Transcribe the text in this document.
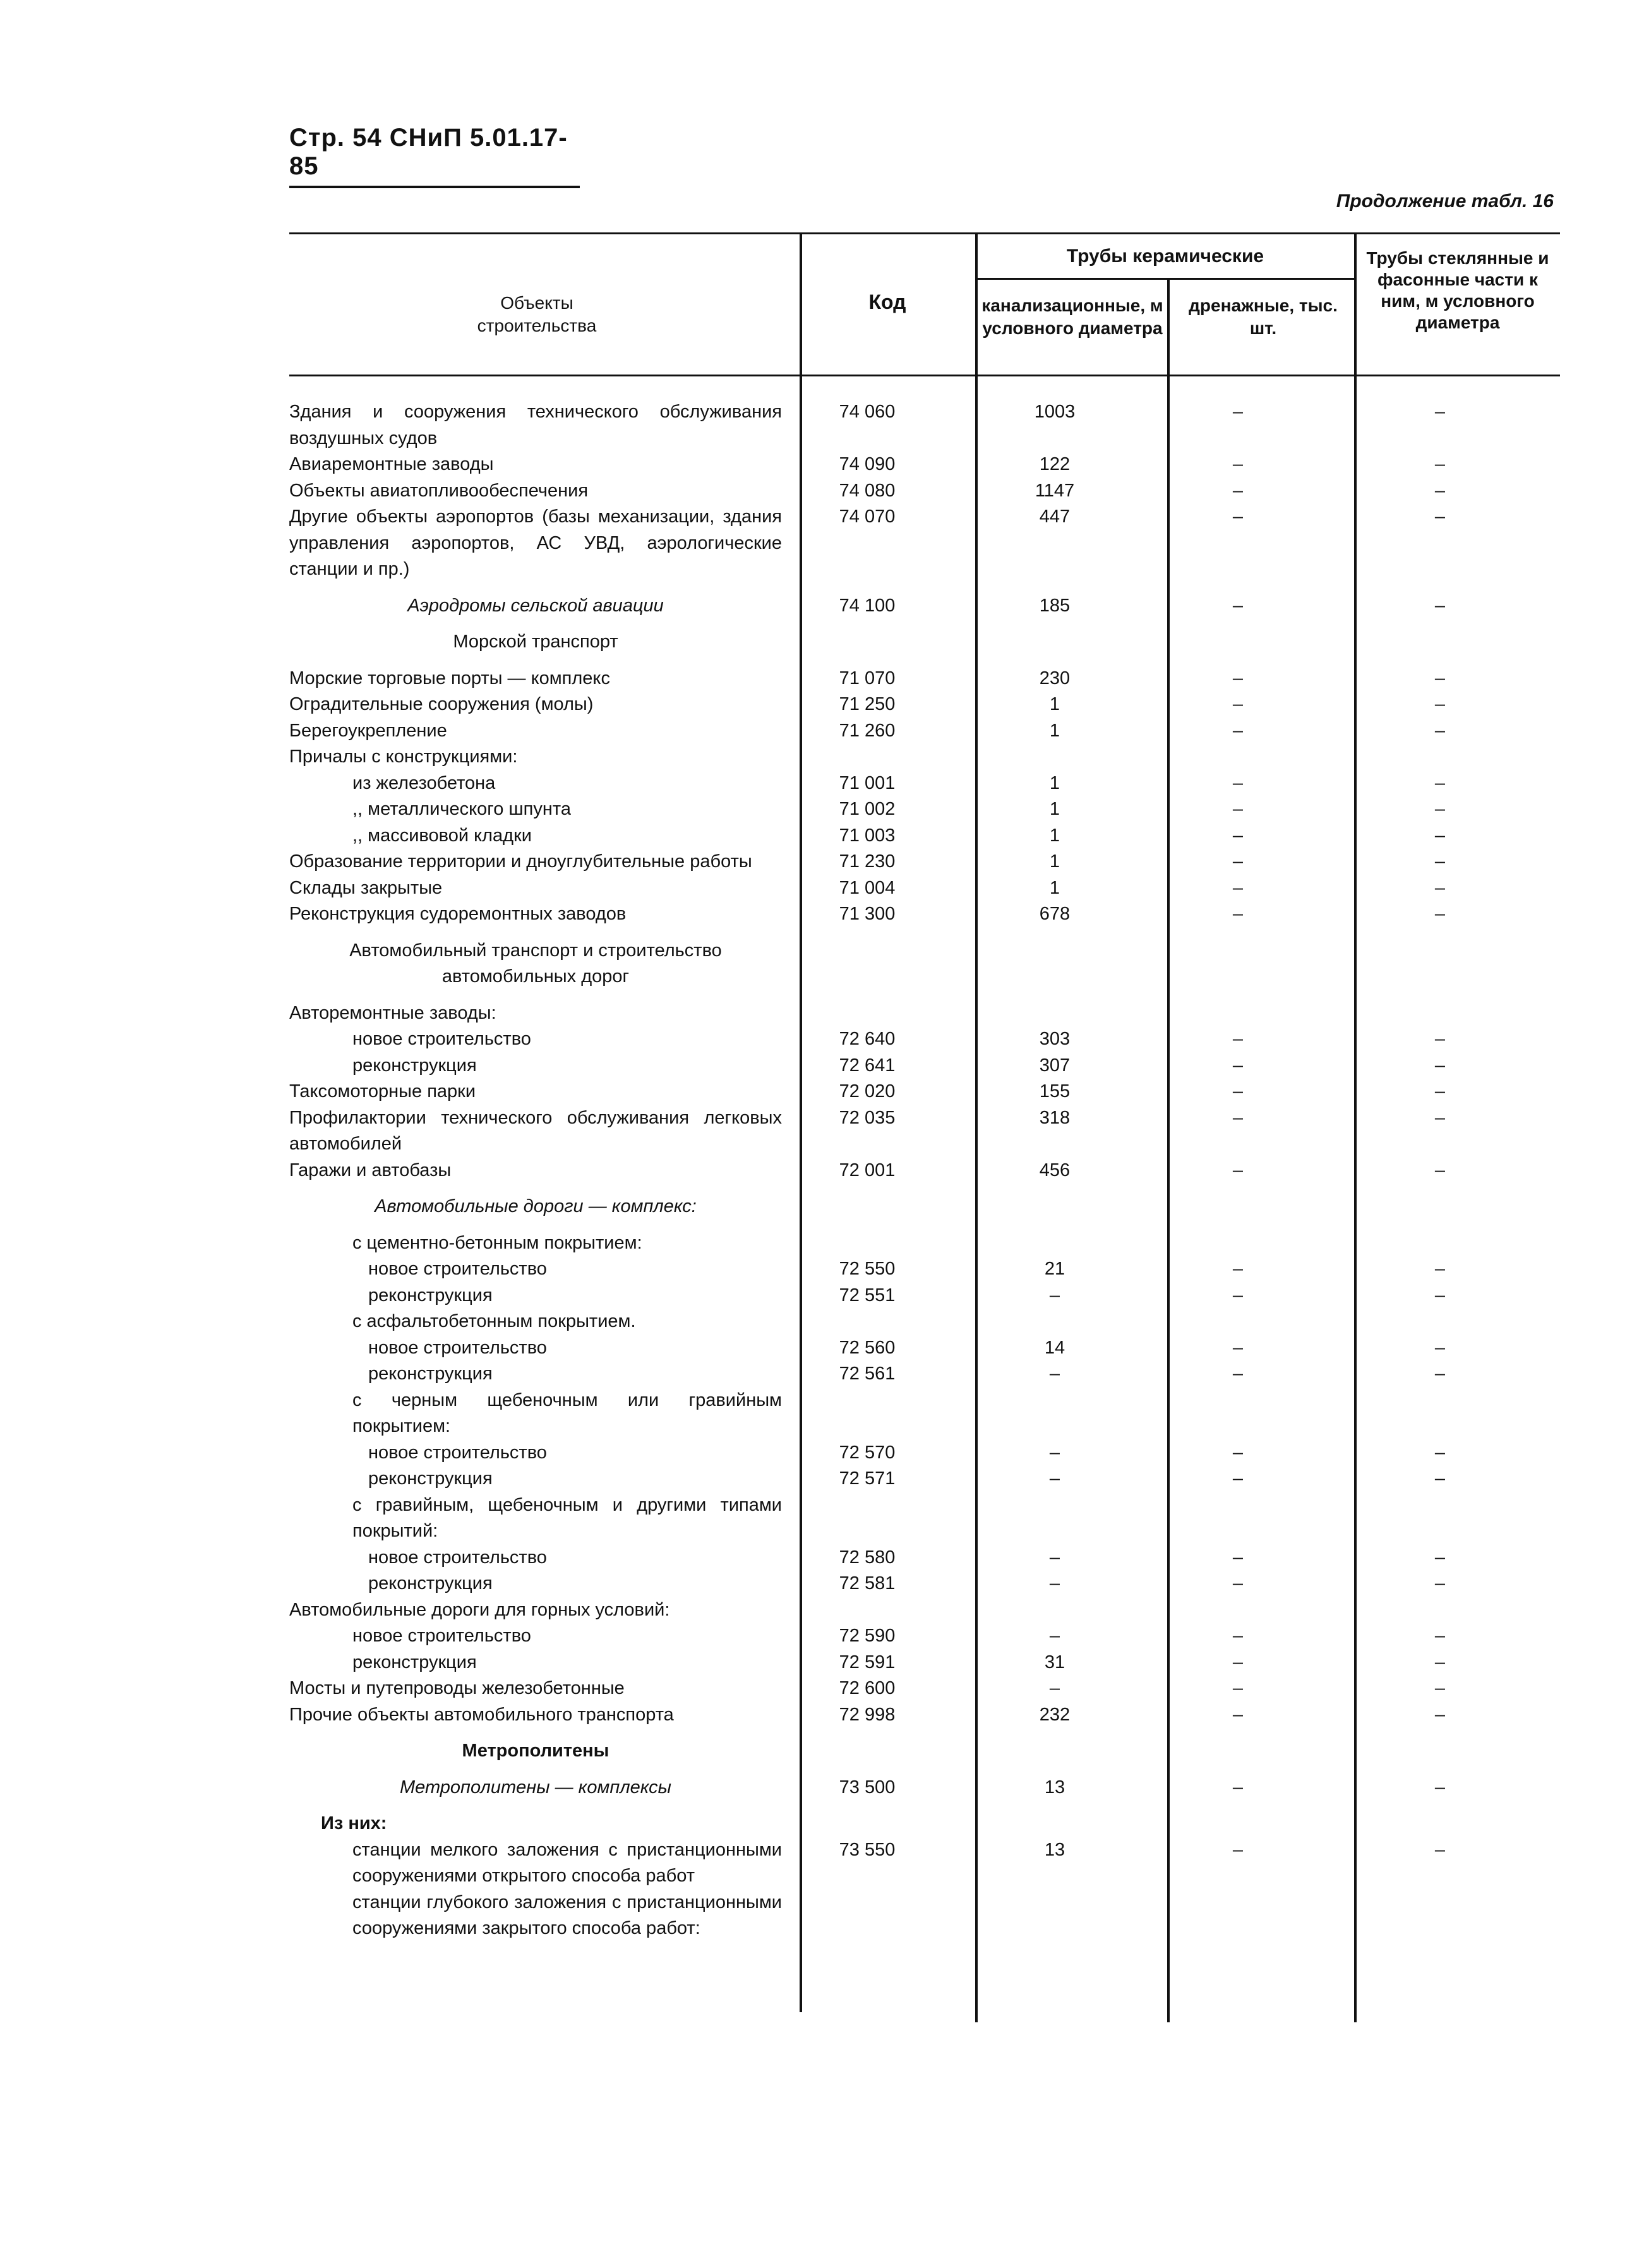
Стр. 54 СНиП 5.01.17-85
Продолжение табл. 16
Объекты строительства
Код
Трубы керамические
канализационные, м условного диаметра
дренажные, тыс. шт.
Трубы стеклянные и фасонные части к ним, м условного диаметра
Здания и сооружения технического обслуживания воздушных судов
74 060	1003	–	–
Авиаремонтные заводы	74 090	122	–	–
Объекты авиатопливообеспечения	74 080	1147	–	–
Другие объекты аэропортов (базы механизации, здания управления аэропортов, АС УВД, аэрологические станции и пр.)
74 070	447	–	–
Аэродромы сельской авиации	74 100	185	–	–
Морской транспорт
Морские торговые порты — комплекс	71 070	230	–	–
Оградительные сооружения (молы)	71 250	1	–	–
Берегоукрепление	71 260	1	–	–
Причалы с конструкциями:
из железобетона	71 001	1	–	–
,, металлического шпунта	71 002	1	–	–
,, массивовой кладки	71 003	1	–	–
Образование территории и дноуглубительные работы	71 230	1	–	–
Склады закрытые	71 004	1	–	–
Реконструкция судоремонтных заводов	71 300	678	–	–
Автомобильный транспорт и строительство автомобильных дорог
Авторемонтные заводы:
новое строительство	72 640	303	–	–
реконструкция	72 641	307	–	–
Таксомоторные парки	72 020	155	–	–
Профилактории технического обслуживания легковых автомобилей
72 035	318	–	–
Гаражи и автобазы	72 001	456	–	–
Автомобильные дороги — комплекс:
с цементно-бетонным покрытием:
новое строительство	72 550	21	–	–
реконструкция	72 551	–	–	–
с асфальтобетонным покрытием.
новое строительство	72 560	14	–	–
реконструкция	72 561	–	–	–
с черным щебеночным или гравийным покрытием:
новое строительство	72 570	–	–	–
реконструкция	72 571	–	–	–
с гравийным, щебеночным и другими типами покрытий:
новое строительство	72 580	–	–	–
реконструкция	72 581	–	–	–
Автомобильные дороги для горных условий:
новое строительство	72 590	–	–	–
реконструкция	72 591	31	–	–
Мосты и путепроводы железобетонные	72 600	–	–	–
Прочие объекты автомобильного транспорта	72 998	232	–	–
Метрополитены
Метрополитены — комплексы	73 500	13	–	–
Из них:
станции мелкого заложения с пристанционными сооружениями открытого способа работ
73 550	13	–	–
станции глубокого заложения с пристанционными сооружениями закрытого способа работ:
